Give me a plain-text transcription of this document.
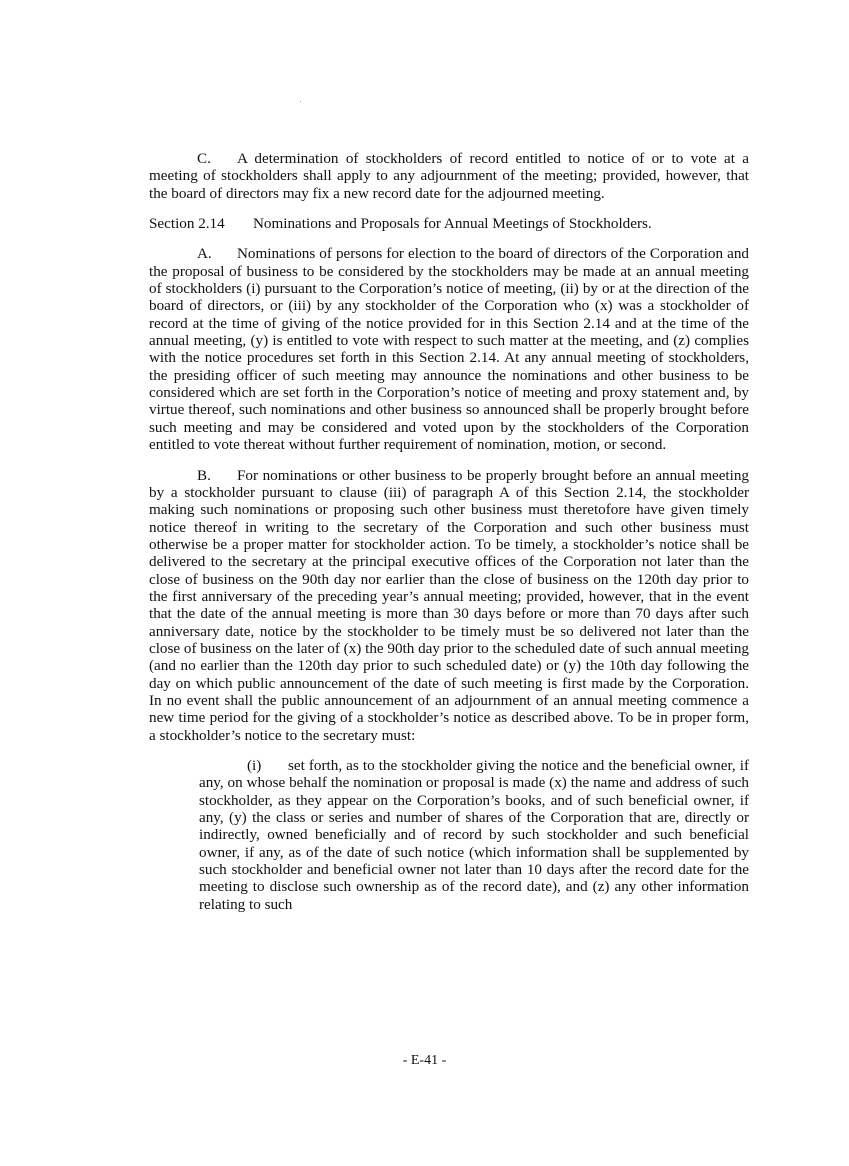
C. A determination of stockholders of record entitled to notice of or to vote at a meeting of stockholders shall apply to any adjournment of the meeting; provided, however, that the board of directors may fix a new record date for the adjourned meeting.

Section 2.14 Nominations and Proposals for Annual Meetings of Stockholders.

A. Nominations of persons for election to the board of directors of the Corporation and the proposal of business to be considered by the stockholders may be made at an annual meeting of stockholders (i) pursuant to the Corporation’s notice of meeting, (ii) by or at the direction of the board of directors, or (iii) by any stockholder of the Corporation who (x) was a stockholder of record at the time of giving of the notice provided for in this Section 2.14 and at the time of the annual meeting, (y) is entitled to vote with respect to such matter at the meeting, and (z) complies with the notice procedures set forth in this Section 2.14. At any annual meeting of stockholders, the presiding officer of such meeting may announce the nominations and other business to be considered which are set forth in the Corporation’s notice of meeting and proxy statement and, by virtue thereof, such nominations and other business so announced shall be properly brought before such meeting and may be considered and voted upon by the stockholders of the Corporation entitled to vote thereat without further requirement of nomination, motion, or second.

B. For nominations or other business to be properly brought before an annual meeting by a stockholder pursuant to clause (iii) of paragraph A of this Section 2.14, the stockholder making such nominations or proposing such other business must theretofore have given timely notice thereof in writing to the secretary of the Corporation and such other business must otherwise be a proper matter for stockholder action. To be timely, a stockholder’s notice shall be delivered to the secretary at the principal executive offices of the Corporation not later than the close of business on the 90th day nor earlier than the close of business on the 120th day prior to the first anniversary of the preceding year’s annual meeting; provided, however, that in the event that the date of the annual meeting is more than 30 days before or more than 70 days after such anniversary date, notice by the stockholder to be timely must be so delivered not later than the close of business on the later of (x) the 90th day prior to the scheduled date of such annual meeting (and no earlier than the 120th day prior to such scheduled date) or (y) the 10th day following the day on which public announcement of the date of such meeting is first made by the Corporation. In no event shall the public announcement of an adjournment of an annual meeting commence a new time period for the giving of a stockholder’s notice as described above. To be in proper form, a stockholder’s notice to the secretary must:

(i) set forth, as to the stockholder giving the notice and the beneficial owner, if any, on whose behalf the nomination or proposal is made (x) the name and address of such stockholder, as they appear on the Corporation’s books, and of such beneficial owner, if any, (y) the class or series and number of shares of the Corporation that are, directly or indirectly, owned beneficially and of record by such stockholder and such beneficial owner, if any, as of the date of such notice (which information shall be supplemented by such stockholder and beneficial owner not later than 10 days after the record date for the meeting to disclose such ownership as of the record date), and (z) any other information relating to such

- E-41 -
